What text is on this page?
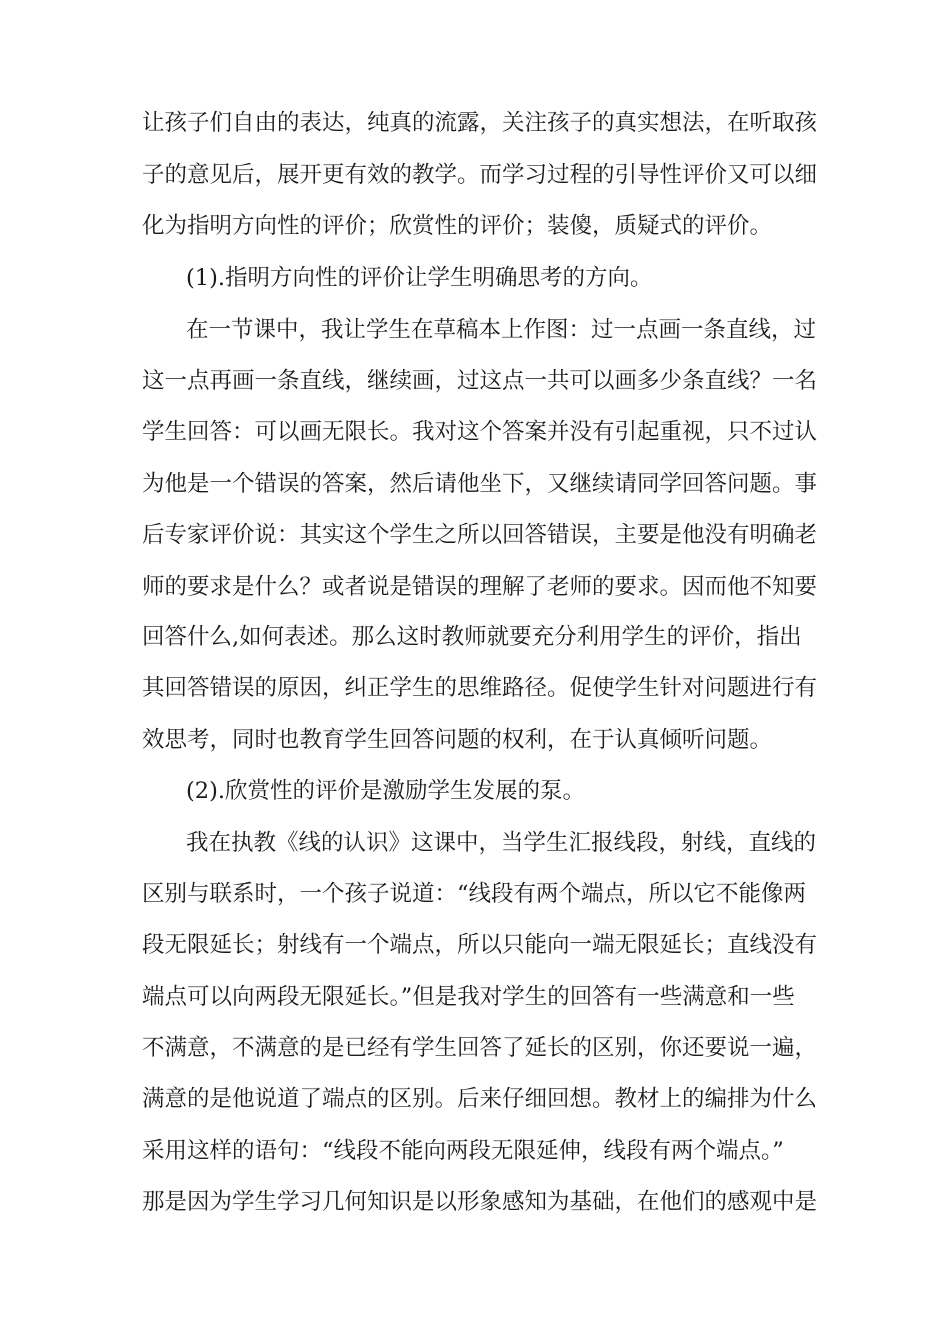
让孩子们自由的表达，纯真的流露，关注孩子的真实想法，在听取孩
子的意见后，展开更有效的教学。而学习过程的引导性评价又可以细
化为指明方向性的评价；欣赏性的评价；装傻，质疑式的评价。
(1).指明方向性的评价让学生明确思考的方向。
在一节课中，我让学生在草稿本上作图：过一点画一条直线，过
这一点再画一条直线，继续画，过这点一共可以画多少条直线？一名
学生回答：可以画无限长。我对这个答案并没有引起重视，只不过认
为他是一个错误的答案，然后请他坐下，又继续请同学回答问题。事
后专家评价说：其实这个学生之所以回答错误，主要是他没有明确老
师的要求是什么？或者说是错误的理解了老师的要求。因而他不知要
回答什么,如何表述。那么这时教师就要充分利用学生的评价，指出
其回答错误的原因，纠正学生的思维路径。促使学生针对问题进行有
效思考，同时也教育学生回答问题的权利，在于认真倾听问题。
(2).欣赏性的评价是激励学生发展的泵。
我在执教《线的认识》这课中，当学生汇报线段，射线，直线的
区别与联系时，一个孩子说道：“线段有两个端点，所以它不能像两
段无限延长；射线有一个端点，所以只能向一端无限延长；直线没有
端点可以向两段无限延长。”但是我对学生的回答有一些满意和一些
不满意，不满意的是已经有学生回答了延长的区别，你还要说一遍，
满意的是他说道了端点的区别。后来仔细回想。教材上的编排为什么
采用这样的语句：“线段不能向两段无限延伸，线段有两个端点。”
那是因为学生学习几何知识是以形象感知为基础，在他们的感观中是
